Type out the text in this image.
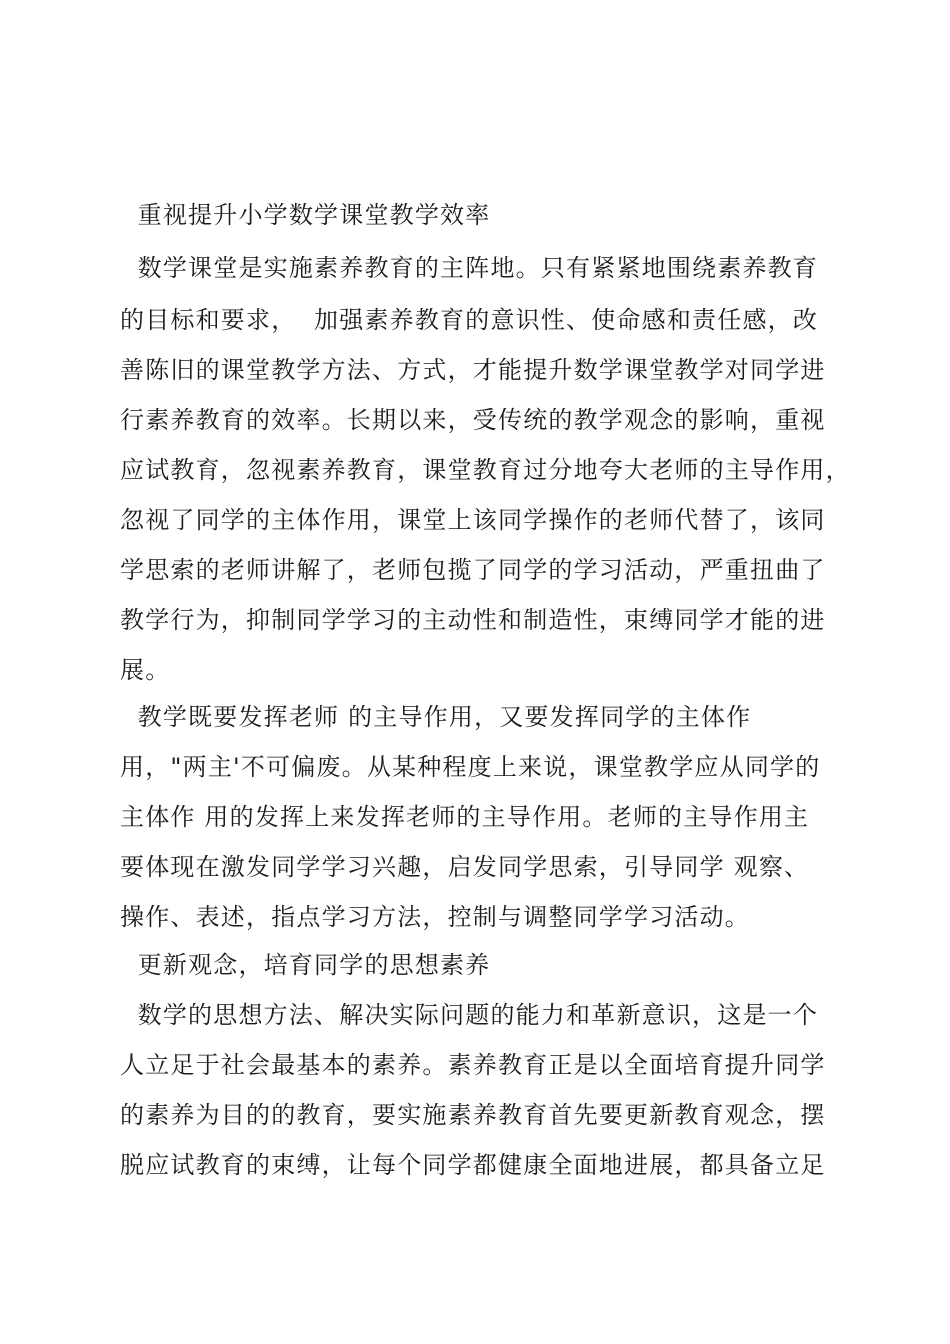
重视提升小学数学课堂教学效率
数学课堂是实施素养教育的主阵地。只有紧紧地围绕素养教育
的目标和要求，  加强素养教育的意识性、使命感和责任感，改
善陈旧的课堂教学方法、方式，才能提升数学课堂教学对同学进
行素养教育的效率。长期以来，受传统的教学观念的影响，重视
应试教育，忽视素养教育，课堂教育过分地夸大老师的主导作用，
忽视了同学的主体作用，课堂上该同学操作的老师代替了，该同
学思索的老师讲解了，老师包揽了同学的学习活动，严重扭曲了
教学行为，抑制同学学习的主动性和制造性，束缚同学才能的进
展。
教学既要发挥老师 的主导作用，又要发挥同学的主体作
用，"两主'不可偏废。从某种程度上来说，课堂教学应从同学的
主体作 用的发挥上来发挥老师的主导作用。老师的主导作用主
要体现在激发同学学习兴趣，启发同学思索，引导同学 观察、
操作、表述，指点学习方法，控制与调整同学学习活动。
更新观念，培育同学的思想素养
数学的思想方法、解决实际问题的能力和革新意识，这是一个
人立足于社会最基本的素养。素养教育正是以全面培育提升同学
的素养为目的的教育，要实施素养教育首先要更新教育观念，摆
脱应试教育的束缚，让每个同学都健康全面地进展，都具备立足
